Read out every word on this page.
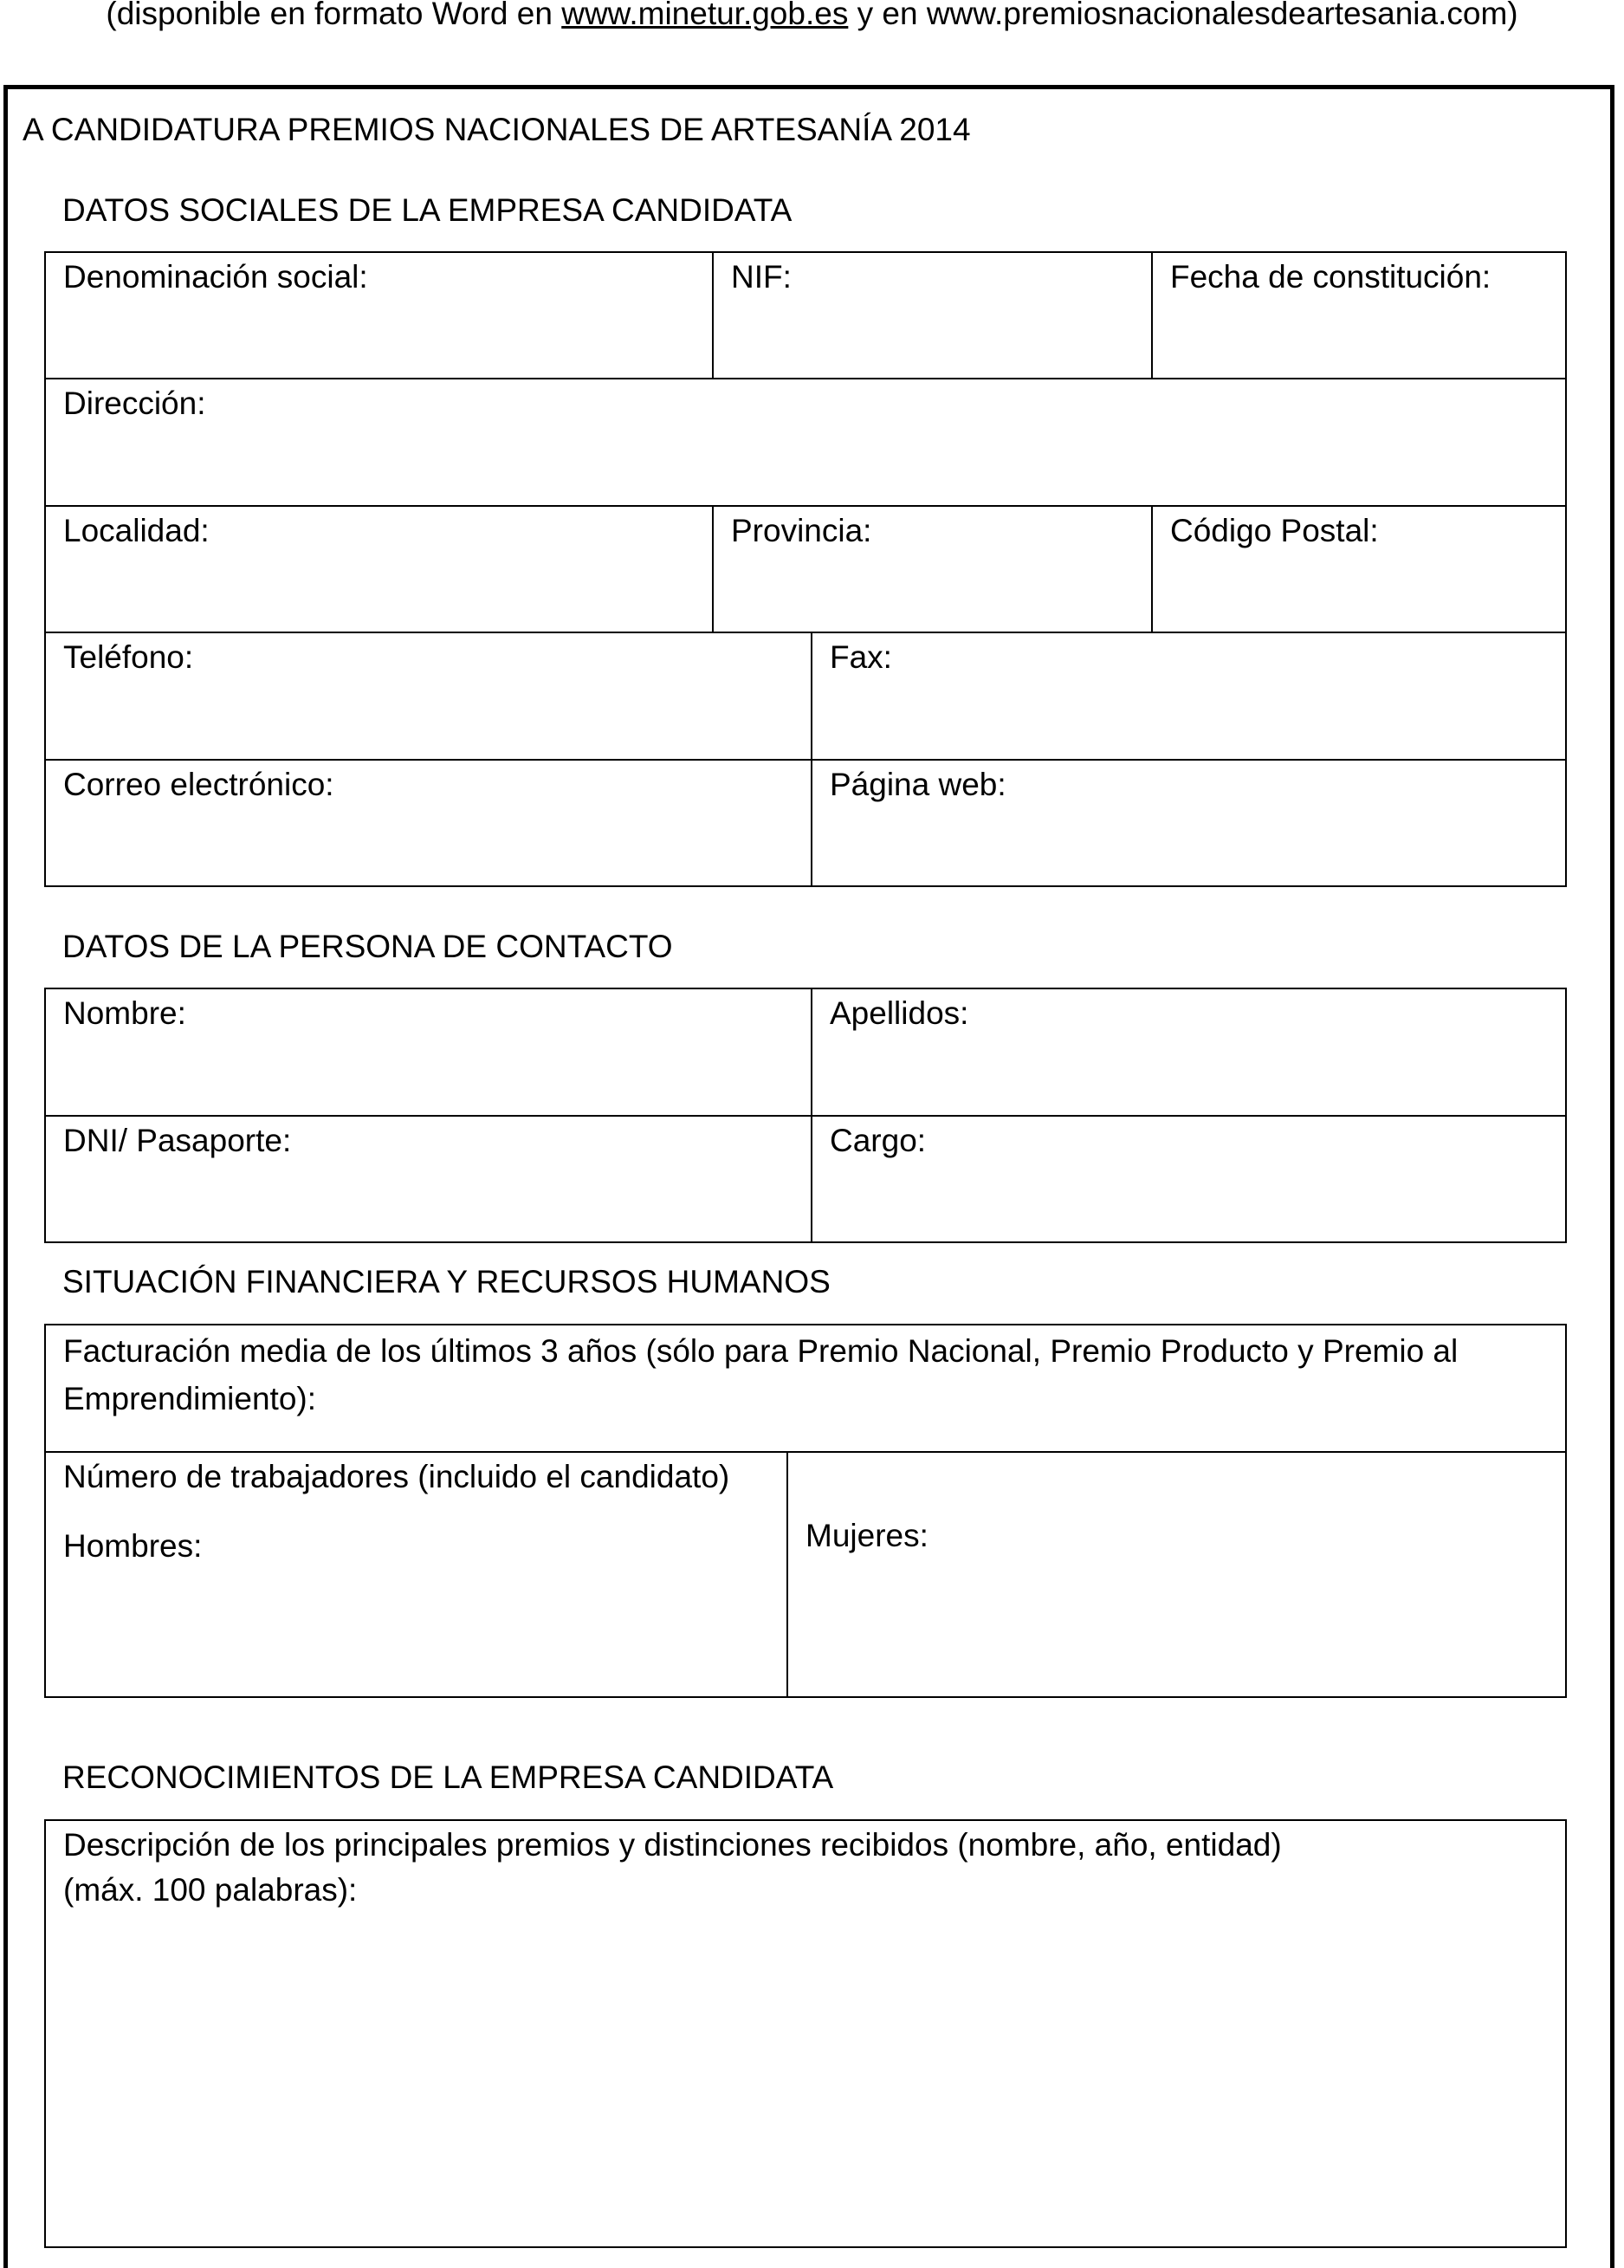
(disponible en formato Word en www.minetur.gob.es y en www.premiosnacionalesdeartesania.com)
A CANDIDATURA PREMIOS NACIONALES DE ARTESANÍA 2014
DATOS SOCIALES DE LA EMPRESA CANDIDATA
Denominación social:	NIF:	Fecha de constitución:
Dirección:
Localidad:	Provincia:	Código Postal:
Teléfono:	Fax:
Correo electrónico:	Página web:
DATOS DE LA PERSONA DE CONTACTO
Nombre:	Apellidos:
DNI/ Pasaporte:	Cargo:
SITUACIÓN FINANCIERA Y RECURSOS HUMANOS
Facturación media de los últimos 3 años (sólo para Premio Nacional, Premio Producto y Premio al Emprendimiento):
Número de trabajadores (incluido el candidato)
Hombres:	Mujeres:
RECONOCIMIENTOS DE LA EMPRESA CANDIDATA
Descripción de los principales premios y distinciones recibidos (nombre, año, entidad)
(máx. 100 palabras):
